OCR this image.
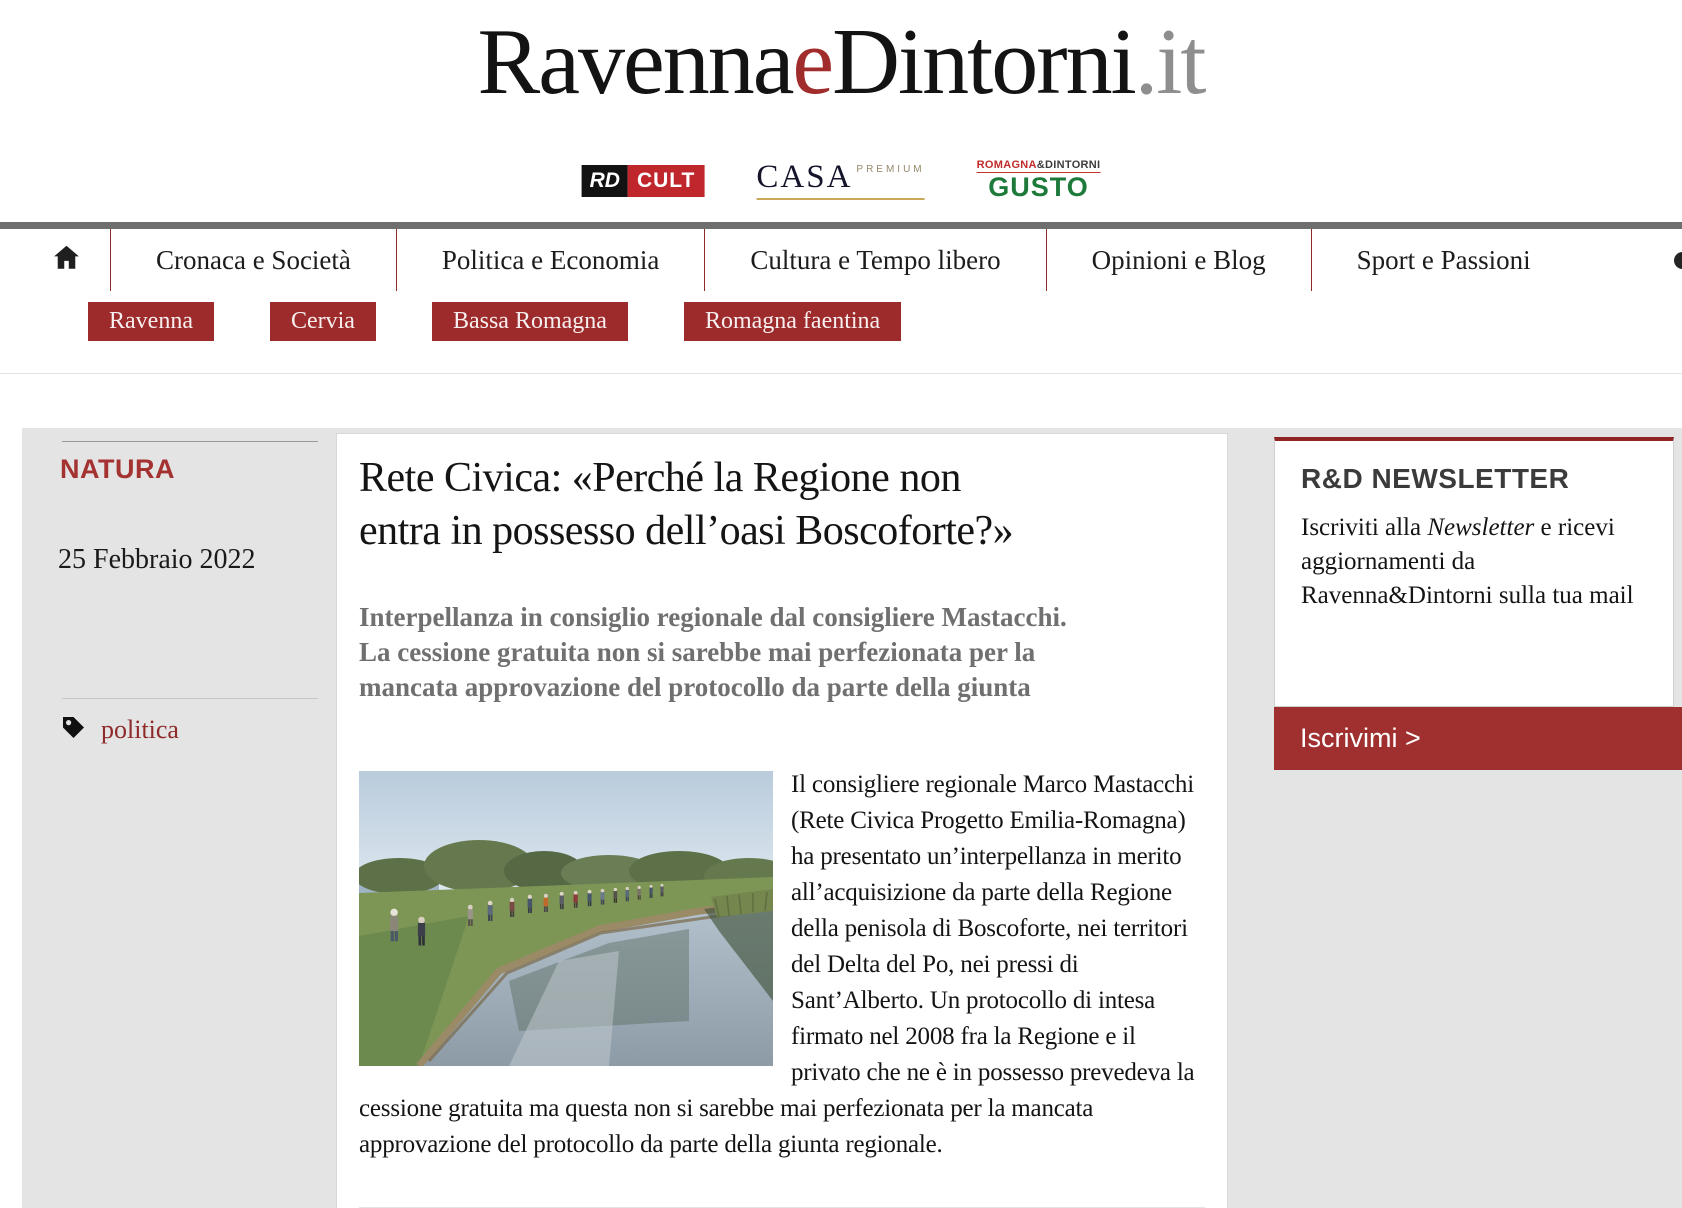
RavennaeDintorni.it
RD CULT CASA PREMIUM	ROMAGNA&DINTORNI
GUSTO
Cronaca e Società	Politica e Economia	Cultura e Tempo libero	Opinioni e Blog	Sport e Passioni
Ravenna	Cervia	Bassa Romagna	Romagna faentina
NATURA
25 Febbraio 2022
politica
Rete Civica: «Perché la Regione non
entra in possesso dell’oasi Boscoforte?»
Interpellanza in consiglio regionale dal consigliere Mastacchi.
La cessione gratuita non si sarebbe mai perfezionata per la
mancata approvazione del protocollo da parte della giunta
Il consigliere regionale Marco Mastacchi (Rete Civica Progetto Emilia-Romagna) ha presentato un’interpellanza in merito all’acquisizione da parte della Regione della penisola di Boscoforte, nei territori del Delta del Po, nei pressi di Sant’Alberto. Un protocollo di intesa firmato nel 2008 fra la Regione e il privato che ne è in possesso prevedeva la cessione gratuita ma questa non si sarebbe mai perfezionata per la mancata approvazione del protocollo da parte della giunta regionale.
R&D NEWSLETTER
Iscriviti alla Newsletter e ricevi aggiornamenti da Ravenna&Dintorni sulla tua mail
Iscrivimi >
